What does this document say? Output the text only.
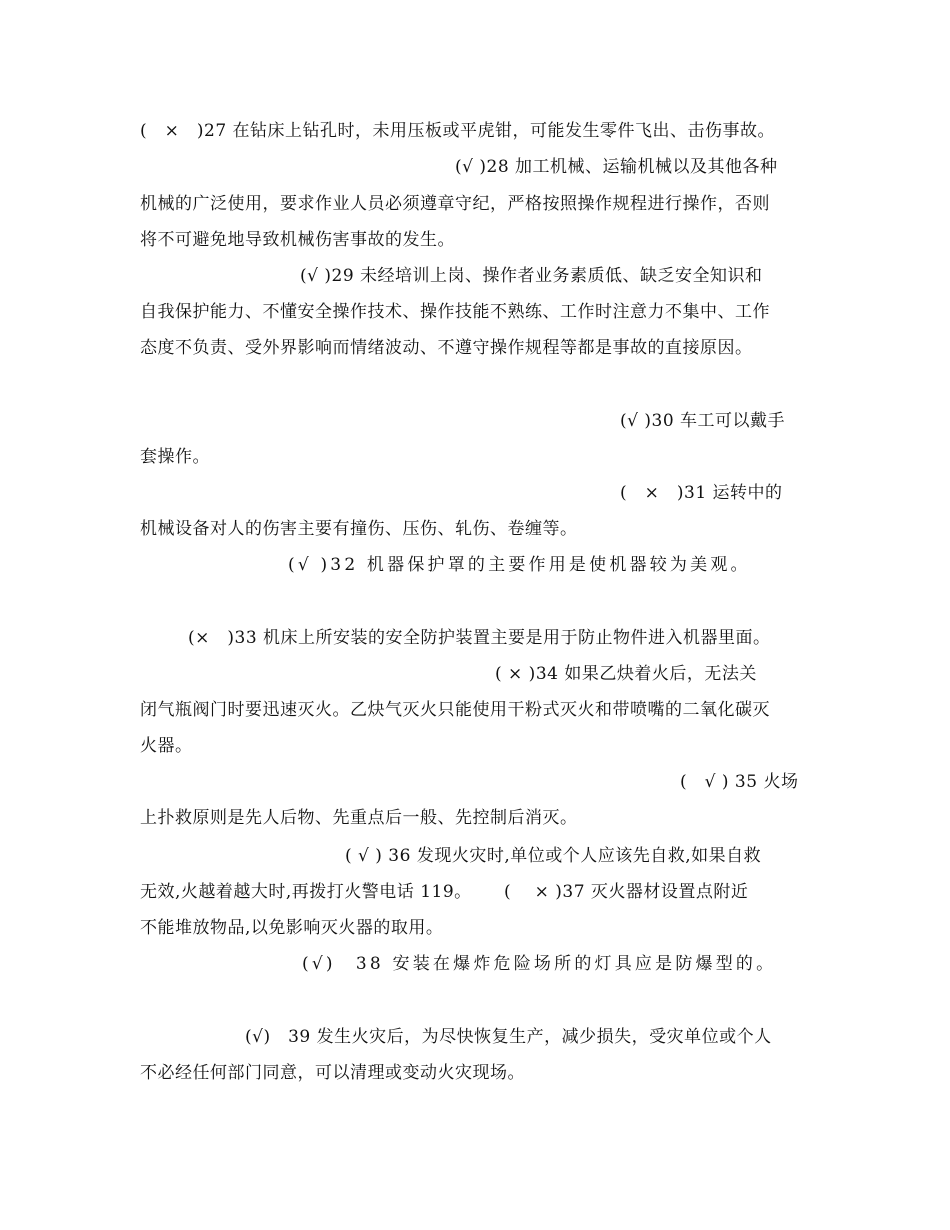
(　×　)27 在钻床上钻孔时，未用压板或平虎钳，可能发生零件飞出、击伤事故。
(√ )28 加工机械、运输机械以及其他各种
机械的广泛使用，要求作业人员必须遵章守纪，严格按照操作规程进行操作，否则
将不可避免地导致机械伤害事故的发生。
(√ )29 未经培训上岗、操作者业务素质低、缺乏安全知识和
自我保护能力、不懂安全操作技术、操作技能不熟练、工作时注意力不集中、工作
态度不负责、受外界影响而情绪波动、不遵守操作规程等都是事故的直接原因。
(√ )30 车工可以戴手
套操作。
(　×　)31 运转中的
机械设备对人的伤害主要有撞伤、压伤、轧伤、卷缠等。
(√ )32 机器保护罩的主要作用是使机器较为美观。
(×　)33 机床上所安装的安全防护装置主要是用于防止物件进入机器里面。
( × )34 如果乙炔着火后，无法关
闭气瓶阀门时要迅速灭火。乙炔气灭火只能使用干粉式灭火和带喷嘴的二氧化碳灭
火器。
(　√ ) 35 火场
上扑救原则是先人后物、先重点后一般、先控制后消灭。
( √ ) 36 发现火灾时,单位或个人应该先自救,如果自救
无效,火越着越大时,再拨打火警电话 119。　　 (　 × )37 灭火器材设置点附近
不能堆放物品,以免影响灭火器的取用。
(√)　38 安装在爆炸危险场所的灯具应是防爆型的。
(√)　39 发生火灾后，为尽快恢复生产，减少损失，受灾单位或个人
不必经任何部门同意，可以清理或变动火灾现场。
